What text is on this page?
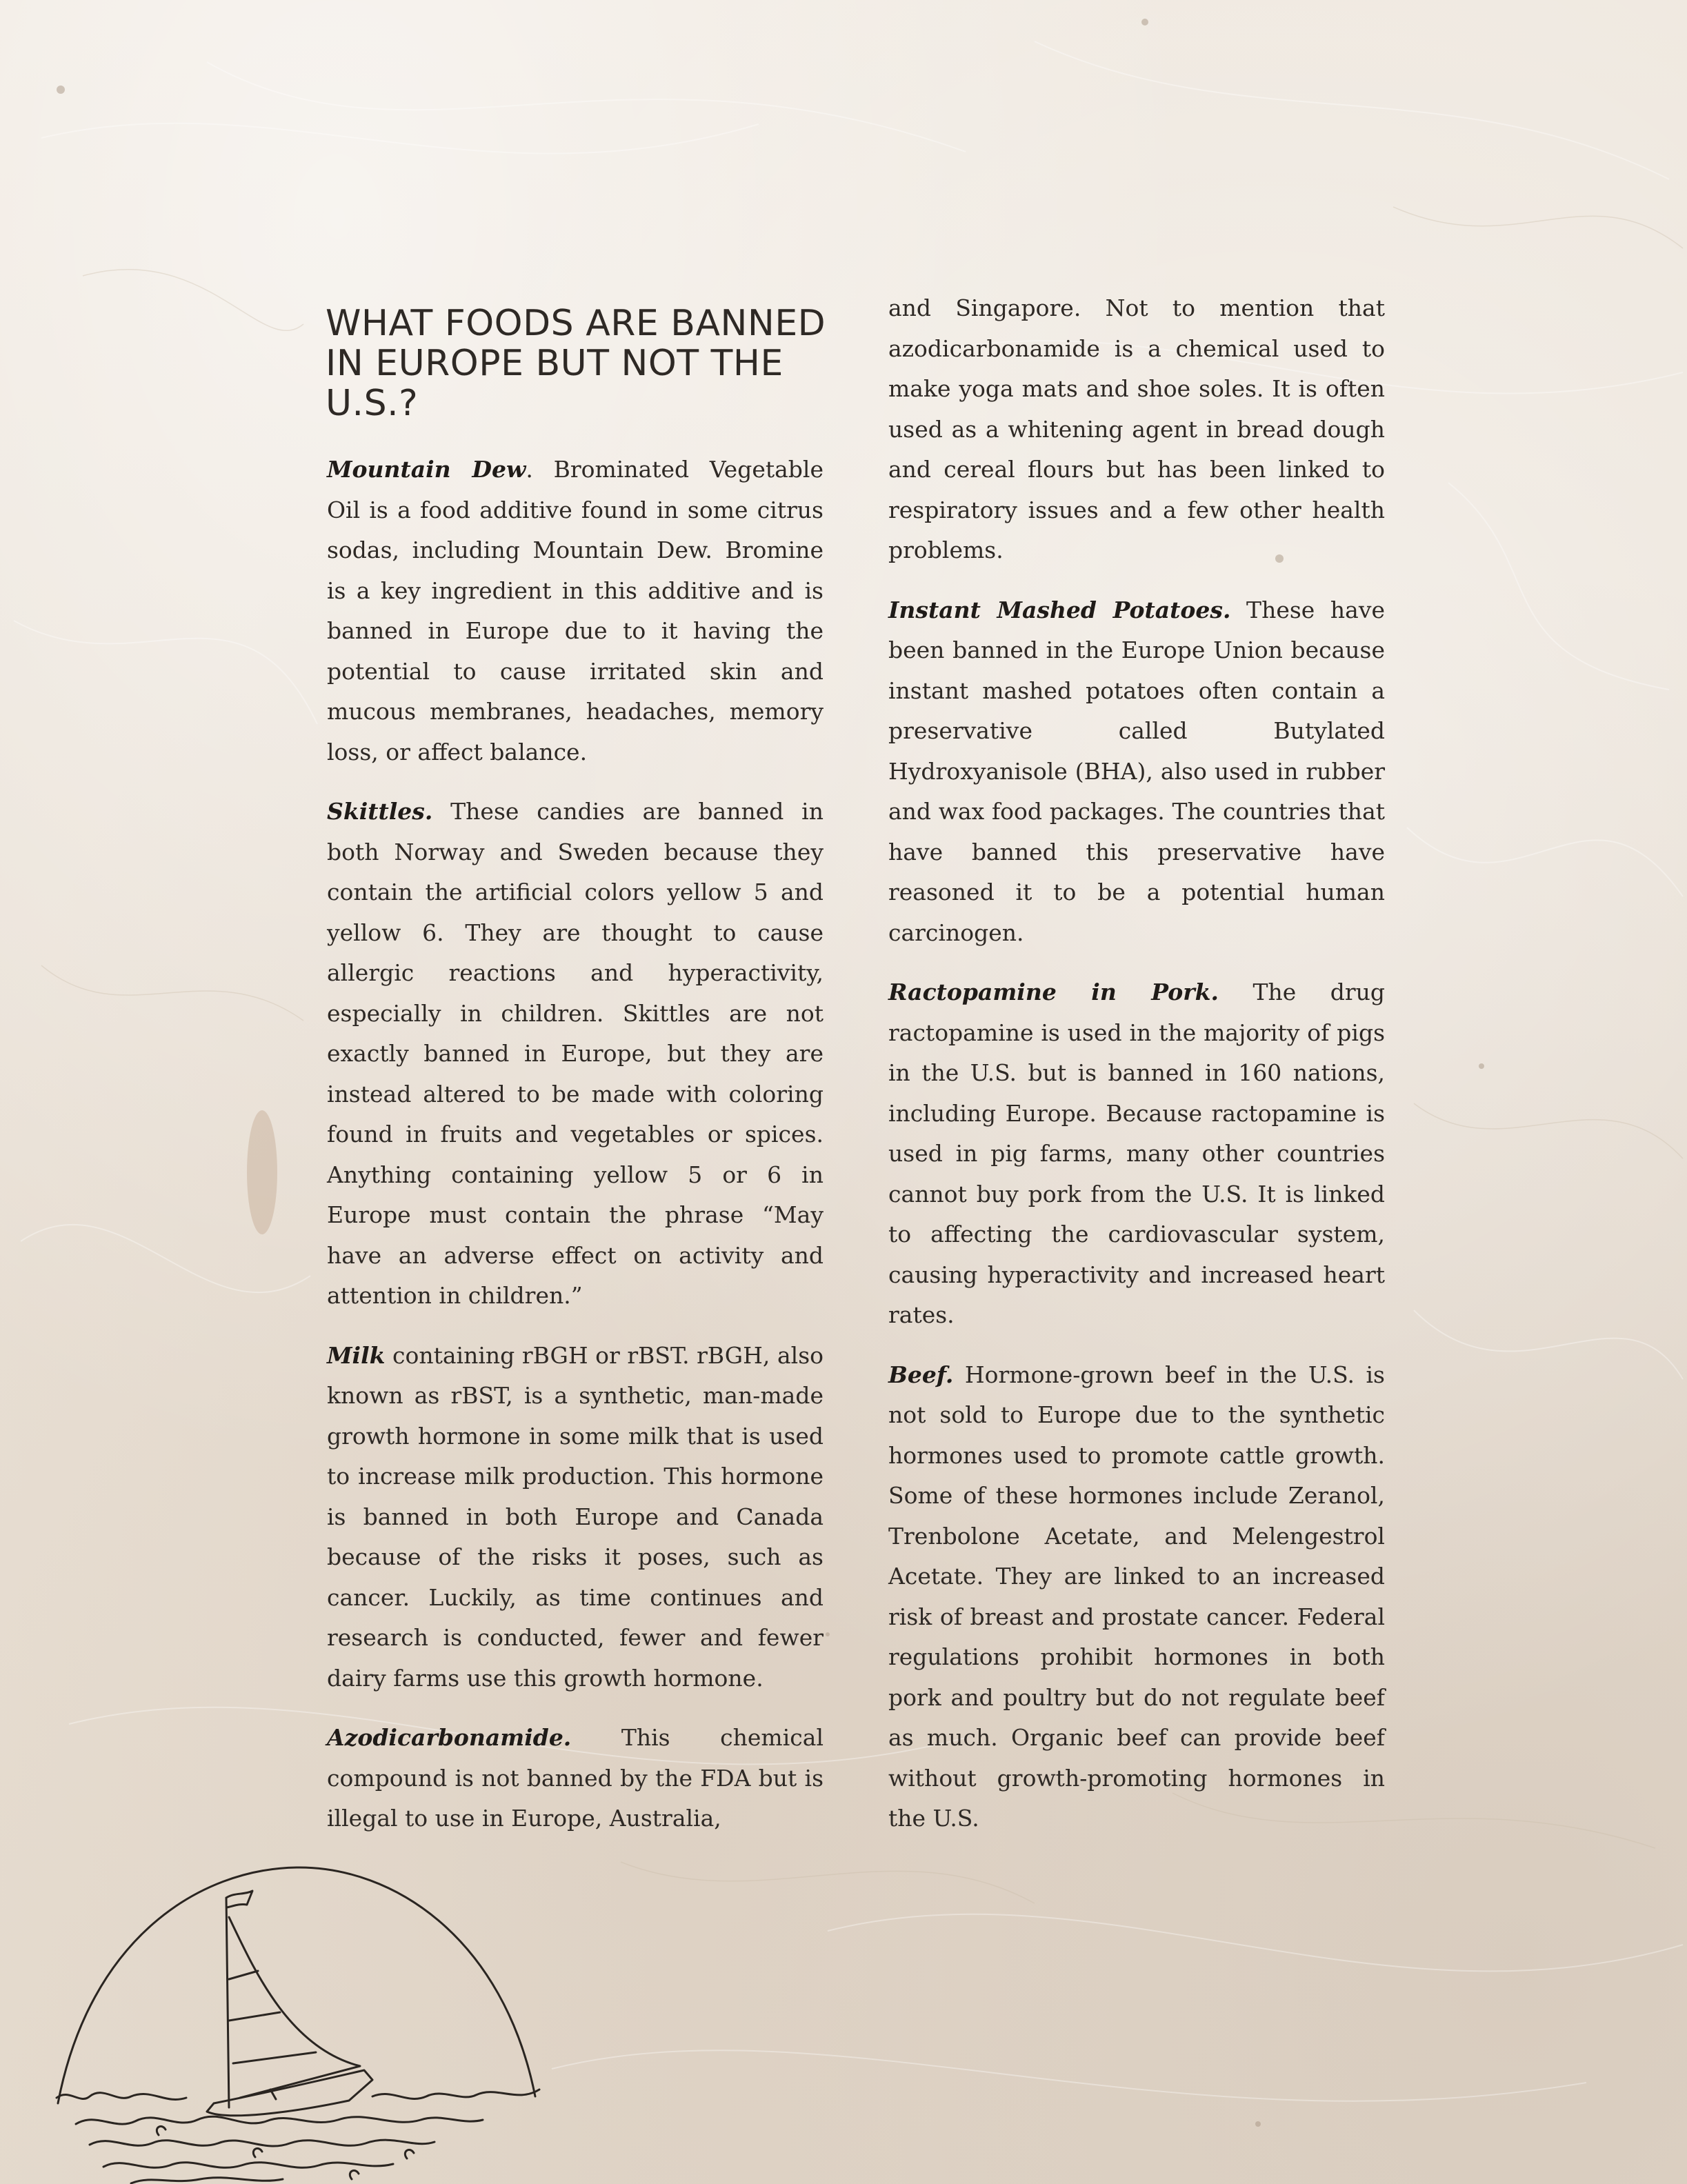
WHAT FOODS ARE BANNED IN EUROPE BUT NOT THE U.S.?

Mountain Dew. Brominated Vegetable Oil is a food additive found in some citrus sodas, including Mountain Dew. Bromine is a key ingredient in this additive and is banned in Europe due to it having the potential to cause irritated skin and mucous membranes, headaches, memory loss, or affect balance.

Skittles. These candies are banned in both Norway and Sweden because they contain the artificial colors yellow 5 and yellow 6. They are thought to cause allergic reactions and hyperactivity, especially in children. Skittles are not exactly banned in Europe, but they are instead altered to be made with coloring found in fruits and vegetables or spices. Anything containing yellow 5 or 6 in Europe must contain the phrase “May have an adverse effect on activity and attention in children.”

Milk containing rBGH or rBST. rBGH, also known as rBST, is a synthetic, man-made growth hormone in some milk that is used to increase milk production. This hormone is banned in both Europe and Canada because of the risks it poses, such as cancer. Luckily, as time continues and research is conducted, fewer and fewer dairy farms use this growth hormone.

Azodicarbonamide. This chemical compound is not banned by the FDA but is illegal to use in Europe, Australia,

and Singapore. Not to mention that azodicarbonamide is a chemical used to make yoga mats and shoe soles. It is often used as a whitening agent in bread dough and cereal flours but has been linked to respiratory issues and a few other health problems.

Instant Mashed Potatoes. These have been banned in the Europe Union because instant mashed potatoes often contain a preservative called Butylated Hydroxyanisole (BHA), also used in rubber and wax food packages. The countries that have banned this preservative have reasoned it to be a potential human carcinogen.

Ractopamine in Pork. The drug ractopamine is used in the majority of pigs in the U.S. but is banned in 160 nations, including Europe. Because ractopamine is used in pig farms, many other countries cannot buy pork from the U.S. It is linked to affecting the cardiovascular system, causing hyperactivity and increased heart rates.

Beef. Hormone-grown beef in the U.S. is not sold to Europe due to the synthetic hormones used to promote cattle growth. Some of these hormones include Zeranol, Trenbolone Acetate, and Melengestrol Acetate. They are linked to an increased risk of breast and prostate cancer. Federal regulations prohibit hormones in both pork and poultry but do not regulate beef as much. Organic beef can provide beef without growth-promoting hormones in the U.S.
